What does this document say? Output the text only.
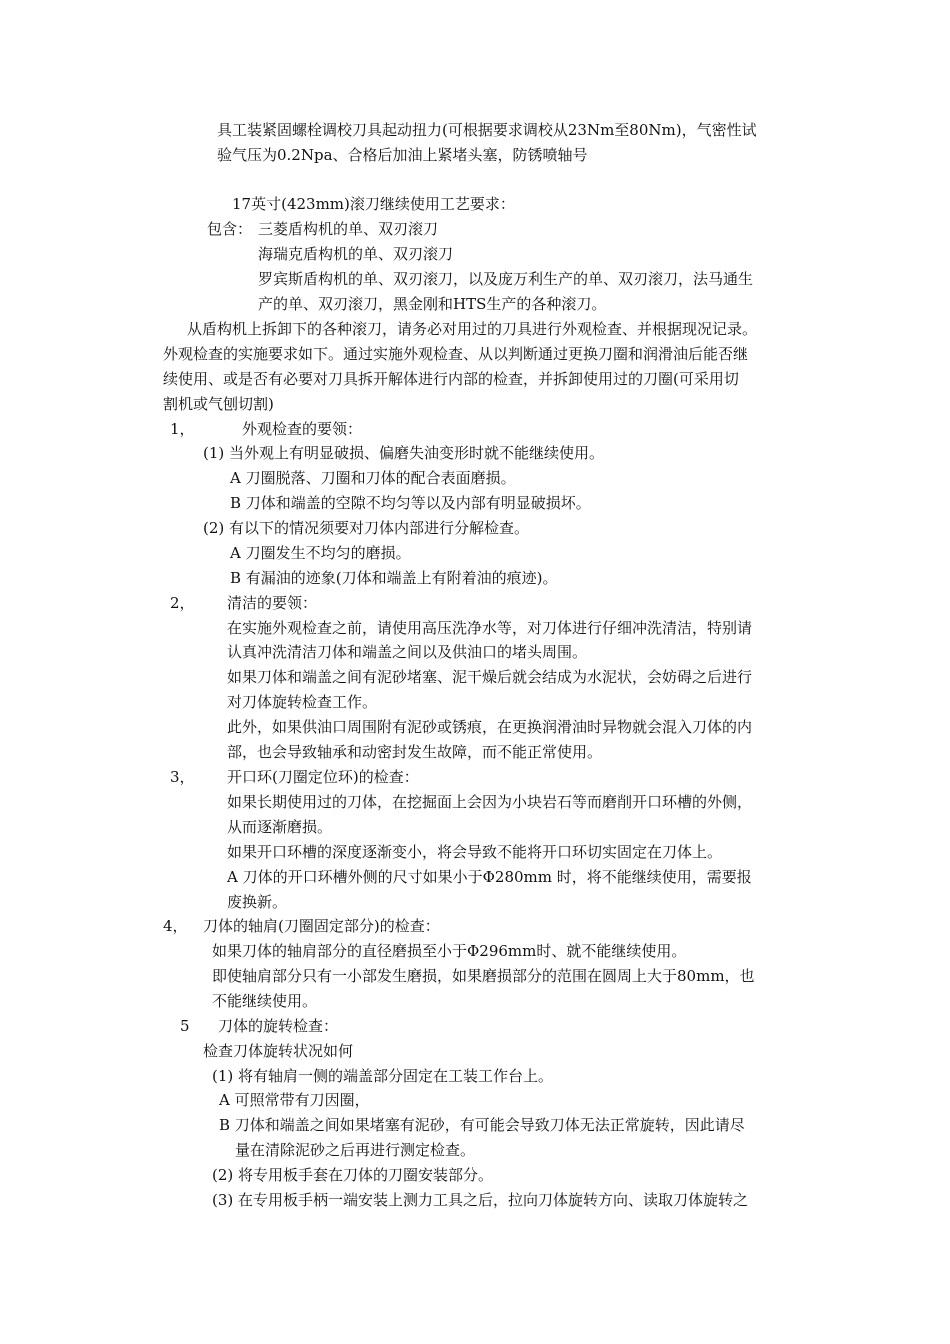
具工装紧固螺栓调校刀具起动扭力(可根据要求调校从23Nm至80Nm)，气密性试
验气压为0.2Npa、合格后加油上紧堵头塞，防锈喷轴号
17英寸(423mm)滚刀继续使用工艺要求：
包含： 三菱盾构机的单、双刃滚刀
海瑞克盾构机的单、双刃滚刀
罗宾斯盾构机的单、双刃滚刀，以及庞万利生产的单、双刃滚刀，法马通生
产的单、双刃滚刀，黑金刚和HTS生产的各种滚刀。
从盾构机上拆卸下的各种滚刀，请务必对用过的刀具进行外观检查、并根据现况记录。
外观检查的实施要求如下。通过实施外观检查、从以判断通过更换刀圈和润滑油后能否继
续使用、或是否有必要对刀具拆开解体进行内部的检查，并拆卸使用过的刀圈(可采用切
割机或气刨切割)
1，	外观检查的要领：
(1) 当外观上有明显破损、偏磨失油变形时就不能继续使用。
A 刀圈脱落、刀圈和刀体的配合表面磨损。
B 刀体和端盖的空隙不均匀等以及内部有明显破损坏。
(2) 有以下的情况须要对刀体内部进行分解检查。
A 刀圈发生不均匀的磨损。
B 有漏油的迹象(刀体和端盖上有附着油的痕迹)。
2， 清洁的要领：
在实施外观检查之前，请使用高压洗净水等，对刀体进行仔细冲洗清洁，特别请
认真冲洗清洁刀体和端盖之间以及供油口的堵头周围。
如果刀体和端盖之间有泥砂堵塞、泥干燥后就会结成为水泥状，会妨碍之后进行
对刀体旋转检查工作。
此外，如果供油口周围附有泥砂或锈痕，在更换润滑油时异物就会混入刀体的内
部，也会导致轴承和动密封发生故障，而不能正常使用。
3， 开口环(刀圈定位环)的检查：
如果长期使用过的刀体，在挖掘面上会因为小块岩石等而磨削开口环槽的外侧，
从而逐渐磨损。
如果开口环槽的深度逐渐变小，将会导致不能将开口环切实固定在刀体上。
A 刀体的开口环槽外侧的尺寸如果小于Φ280mm 时，将不能继续使用，需要报
废换新。
4， 刀体的轴肩(刀圈固定部分)的检查：
如果刀体的轴肩部分的直径磨损至小于Φ296mm时、就不能继续使用。
即使轴肩部分只有一小部发生磨损，如果磨损部分的范围在圆周上大于80mm，也
不能继续使用。
5 刀体的旋转检查：
检查刀体旋转状况如何
(1) 将有轴肩一侧的端盖部分固定在工装工作台上。
A 可照常带有刀因圈，
B 刀体和端盖之间如果堵塞有泥砂，有可能会导致刀体无法正常旋转，因此请尽
量在清除泥砂之后再进行测定检查。
(2) 将专用板手套在刀体的刀圈安装部分。
(3) 在专用板手柄一端安装上测力工具之后，拉向刀体旋转方向、读取刀体旋转之
